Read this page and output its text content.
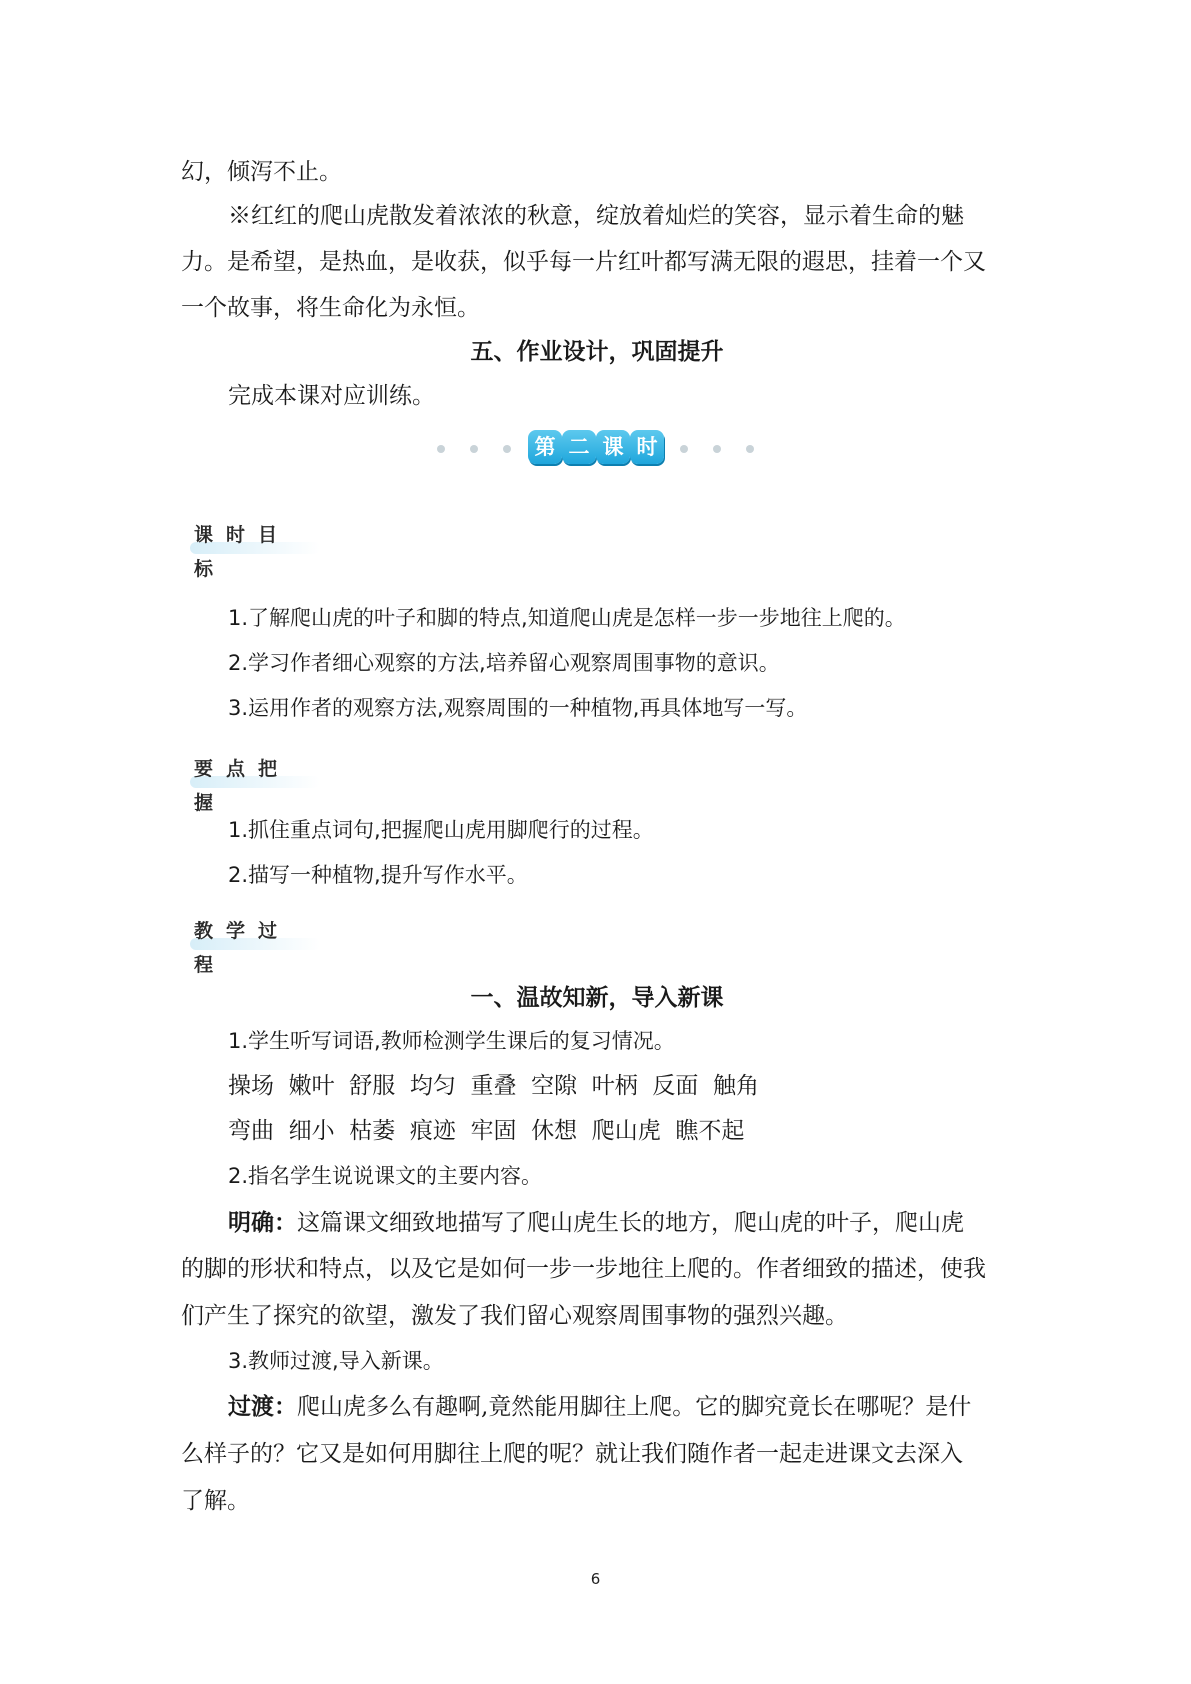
幻，倾泻不止。
※红红的爬山虎散发着浓浓的秋意，绽放着灿烂的笑容，显示着生命的魅
力。是希望，是热血，是收获，似乎每一片红叶都写满无限的遐思，挂着一个又
一个故事，将生命化为永恒。
五、作业设计，巩固提升
完成本课对应训练。
第 二 课 时
课时目标
1.了解爬山虎的叶子和脚的特点,知道爬山虎是怎样一步一步地往上爬的。
2.学习作者细心观察的方法,培养留心观察周围事物的意识。
3.运用作者的观察方法,观察周围的一种植物,再具体地写一写。
要点把握
1.抓住重点词句,把握爬山虎用脚爬行的过程。
2.描写一种植物,提升写作水平。
教学过程
一、温故知新，导入新课
1.学生听写词语,教师检测学生课后的复习情况。
操场  嫩叶  舒服  均匀  重叠  空隙  叶柄  反面  触角
弯曲  细小  枯萎  痕迹  牢固  休想  爬山虎  瞧不起
2.指名学生说说课文的主要内容。
明确：这篇课文细致地描写了爬山虎生长的地方，爬山虎的叶子，爬山虎
的脚的形状和特点，以及它是如何一步一步地往上爬的。作者细致的描述，使我
们产生了探究的欲望，激发了我们留心观察周围事物的强烈兴趣。
3.教师过渡,导入新课。
过渡：爬山虎多么有趣啊,竟然能用脚往上爬。它的脚究竟长在哪呢？是什
么样子的？它又是如何用脚往上爬的呢？就让我们随作者一起走进课文去深入
了解。
6
